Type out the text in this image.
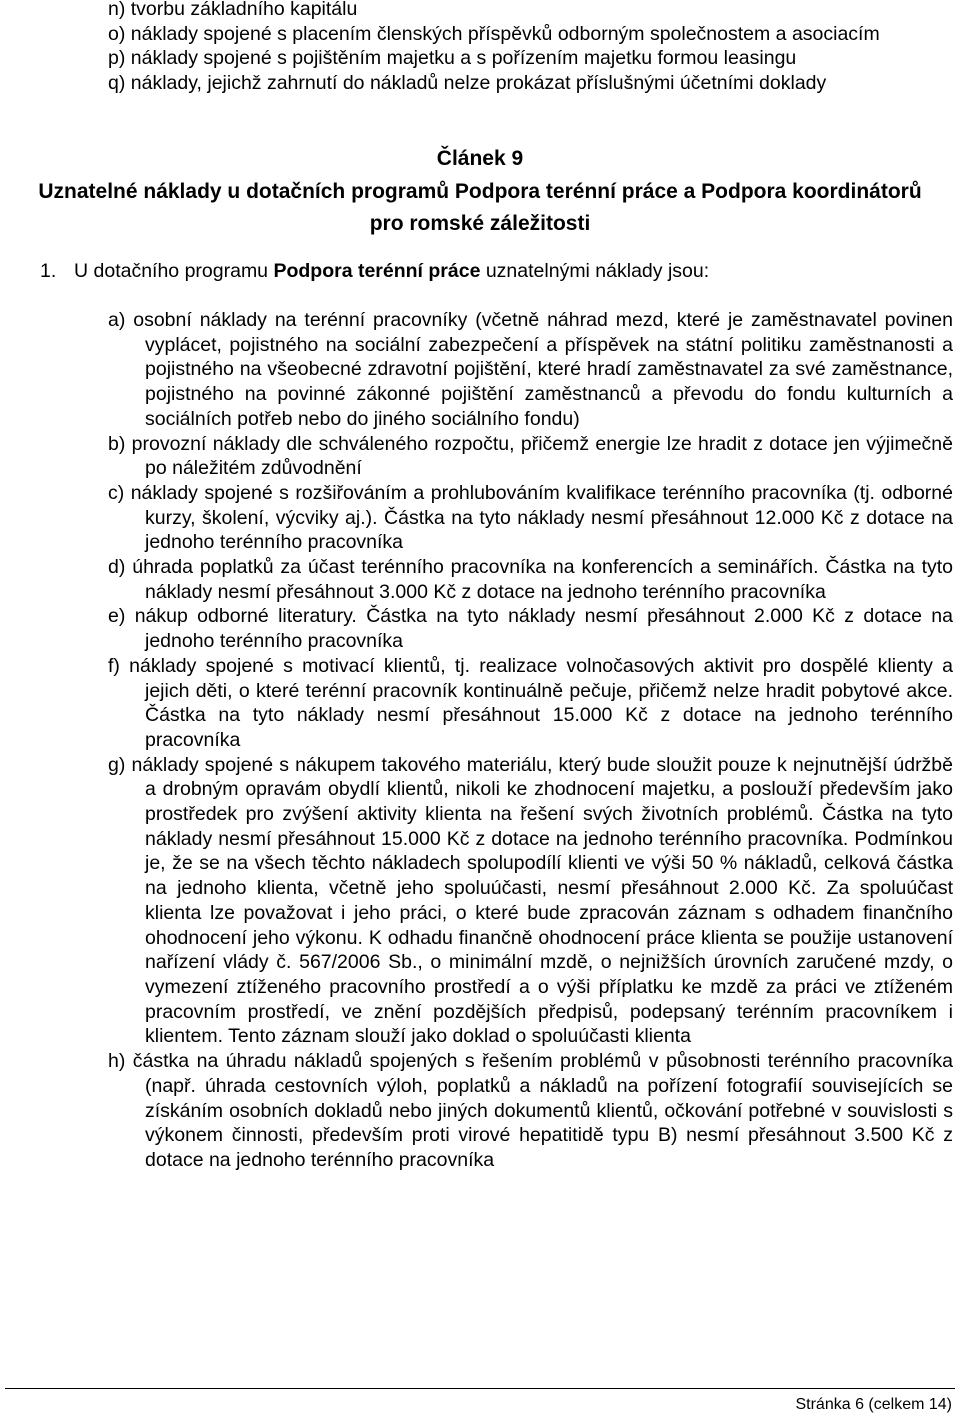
n) tvorbu základního kapitálu
o) náklady spojené s placením členských příspěvků odborným společnostem a asociacím
p) náklady spojené s pojištěním majetku a s pořízením majetku formou leasingu
q) náklady, jejichž zahrnutí do nákladů nelze prokázat příslušnými účetními doklady
Článek 9
Uznatelné náklady u dotačních programů Podpora terénní práce a Podpora koordinátorů pro romské záležitosti
1. U dotačního programu Podpora terénní práce uznatelnými náklady jsou:
a) osobní náklady na terénní pracovníky (včetně náhrad mezd, které je zaměstnavatel povinen vyplácet, pojistného na sociální zabezpečení a příspěvek na státní politiku zaměstnanosti a pojistného na všeobecné zdravotní pojištění, které hradí zaměstnavatel za své zaměstnance, pojistného na povinné zákonné pojištění zaměstnanců a převodu do fondu kulturních a sociálních potřeb nebo do jiného sociálního fondu)
b) provozní náklady dle schváleného rozpočtu, přičemž energie lze hradit z dotace jen výjimečně po náležitém zdůvodnění
c) náklady spojené s rozšiřováním a prohlubováním kvalifikace terénního pracovníka (tj. odborné kurzy, školení, výcviky aj.). Částka na tyto náklady nesmí přesáhnout 12.000 Kč z dotace na jednoho terénního pracovníka
d) úhrada poplatků za účast terénního pracovníka na konferencích a seminářích. Částka na tyto náklady nesmí přesáhnout 3.000 Kč z dotace na jednoho terénního pracovníka
e) nákup odborné literatury. Částka na tyto náklady nesmí přesáhnout 2.000 Kč z dotace na jednoho terénního pracovníka
f) náklady spojené s motivací klientů, tj. realizace volnočasových aktivit pro dospělé klienty a jejich děti, o které terénní pracovník kontinuálně pečuje, přičemž nelze hradit pobytové akce. Částka na tyto náklady nesmí přesáhnout 15.000 Kč z dotace na jednoho terénního pracovníka
g) náklady spojené s nákupem takového materiálu, který bude sloužit pouze k nejnutnější údržbě a drobným opravám obydlí klientů, nikoli ke zhodnocení majetku, a poslouží především jako prostředek pro zvýšení aktivity klienta na řešení svých životních problémů. Částka na tyto náklady nesmí přesáhnout 15.000 Kč z dotace na jednoho terénního pracovníka. Podmínkou je, že se na všech těchto nákladech spolupodílí klienti ve výši 50 % nákladů, celková částka na jednoho klienta, včetně jeho spoluúčasti, nesmí přesáhnout 2.000 Kč. Za spoluúčast klienta lze považovat i jeho práci, o které bude zpracován záznam s odhadem finančního ohodnocení jeho výkonu. K odhadu finančně ohodnocení práce klienta se použije ustanovení nařízení vlády č. 567/2006 Sb., o minimální mzdě, o nejnižších úrovních zaručené mzdy, o vymezení ztíženého pracovního prostředí a o výši příplatku ke mzdě za práci ve ztíženém pracovním prostředí, ve znění pozdějších předpisů, podepsaný terénním pracovníkem i klientem. Tento záznam slouží jako doklad o spoluúčasti klienta
h) částka na úhradu nákladů spojených s řešením problémů v působnosti terénního pracovníka (např. úhrada cestovních výloh, poplatků a nákladů na pořízení fotografií souvisejících se získáním osobních dokladů nebo jiných dokumentů klientů, očkování potřebné v souvislosti s výkonem činnosti, především proti virové hepatitidě typu B) nesmí přesáhnout 3.500 Kč z dotace na jednoho terénního pracovníka
Stránka 6 (celkem 14)
